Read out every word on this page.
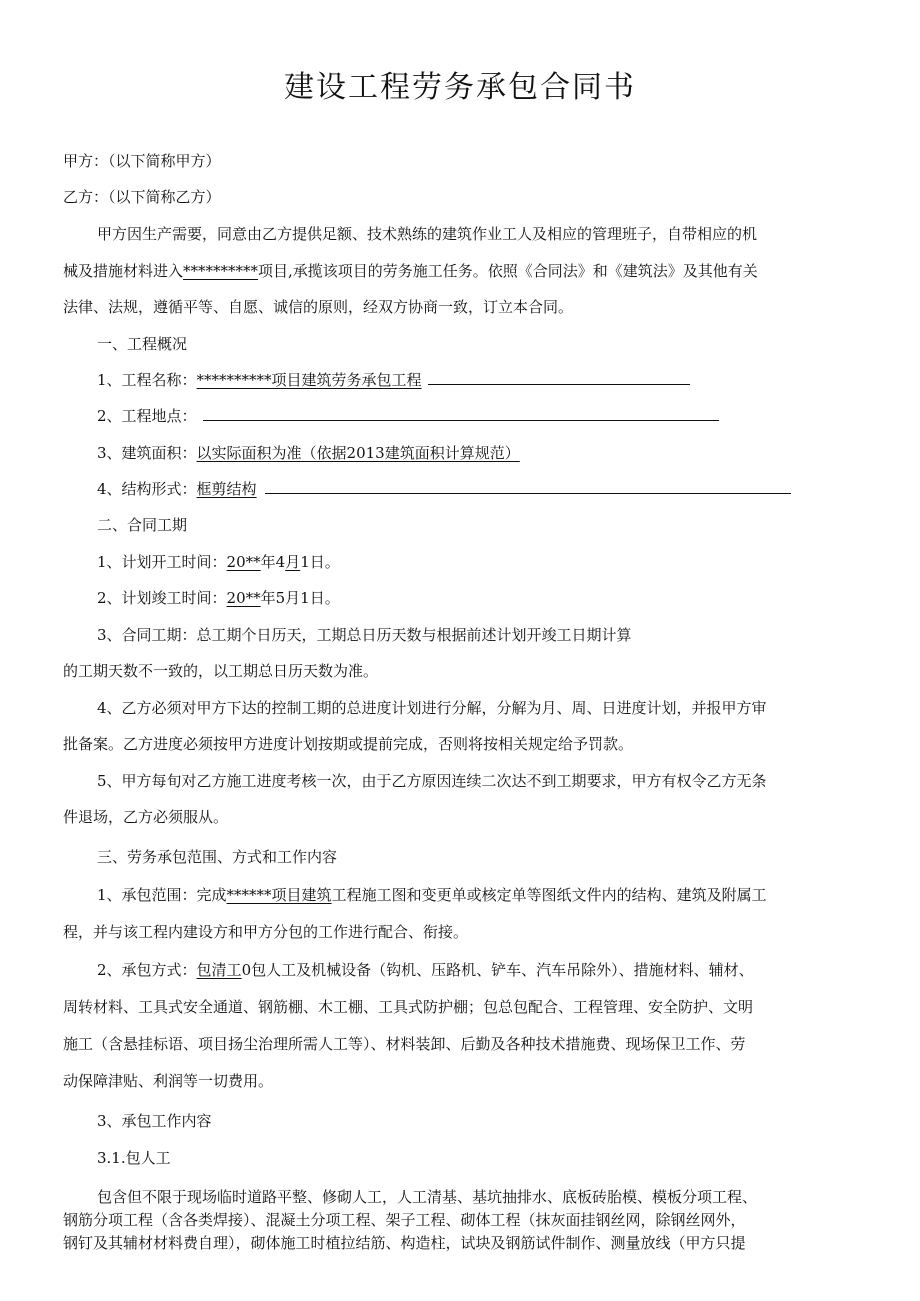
建设工程劳务承包合同书
甲方：（以下简称甲方）
乙方：（以下简称乙方）
甲方因生产需要，同意由乙方提供足额、技术熟练的建筑作业工人及相应的管理班子，自带相应的机
械及措施材料进入**********项目,承揽该项目的劳务施工任务。依照《合同法》和《建筑法》及其他有关
法律、法规，遵循平等、自愿、诚信的原则，经双方协商一致，订立本合同。
一、工程概况
1、工程名称：**********项目建筑劳务承包工程
2、工程地点：
3、建筑面积：以实际面积为准（依据2013建筑面积计算规范）
4、结构形式：框剪结构
二、合同工期
1、计划开工时间：20**年4月1日。
2、计划竣工时间：20**年5月1日。
3、合同工期：总工期个日历天，工期总日历天数与根据前述计划开竣工日期计算
的工期天数不一致的，以工期总日历天数为准。
4、乙方必须对甲方下达的控制工期的总进度计划进行分解，分解为月、周、日进度计划，并报甲方审
批备案。乙方进度必须按甲方进度计划按期或提前完成，否则将按相关规定给予罚款。
5、甲方每旬对乙方施工进度考核一次，由于乙方原因连续二次达不到工期要求，甲方有权令乙方无条
件退场，乙方必须服从。
三、劳务承包范围、方式和工作内容
1、承包范围：完成******项目建筑工程施工图和变更单或核定单等图纸文件内的结构、建筑及附属工
程，并与该工程内建设方和甲方分包的工作进行配合、衔接。
2、承包方式：包清工0包人工及机械设备（钩机、压路机、铲车、汽车吊除外）、措施材料、辅材、
周转材料、工具式安全通道、钢筋棚、木工棚、工具式防护棚；包总包配合、工程管理、安全防护、文明
施工（含悬挂标语、项目扬尘治理所需人工等）、材料装卸、后勤及各种技术措施费、现场保卫工作、劳
动保障津贴、利润等一切费用。
3、承包工作内容
3.1.包人工
包含但不限于现场临时道路平整、修砌人工，人工清基、基坑抽排水、底板砖胎模、模板分项工程、
钢筋分项工程（含各类焊接）、混凝土分项工程、架子工程、砌体工程（抹灰面挂钢丝网，除钢丝网外，
钢钉及其辅材材料费自理），砌体施工时植拉结筋、构造柱，试块及钢筋试件制作、测量放线（甲方只提
